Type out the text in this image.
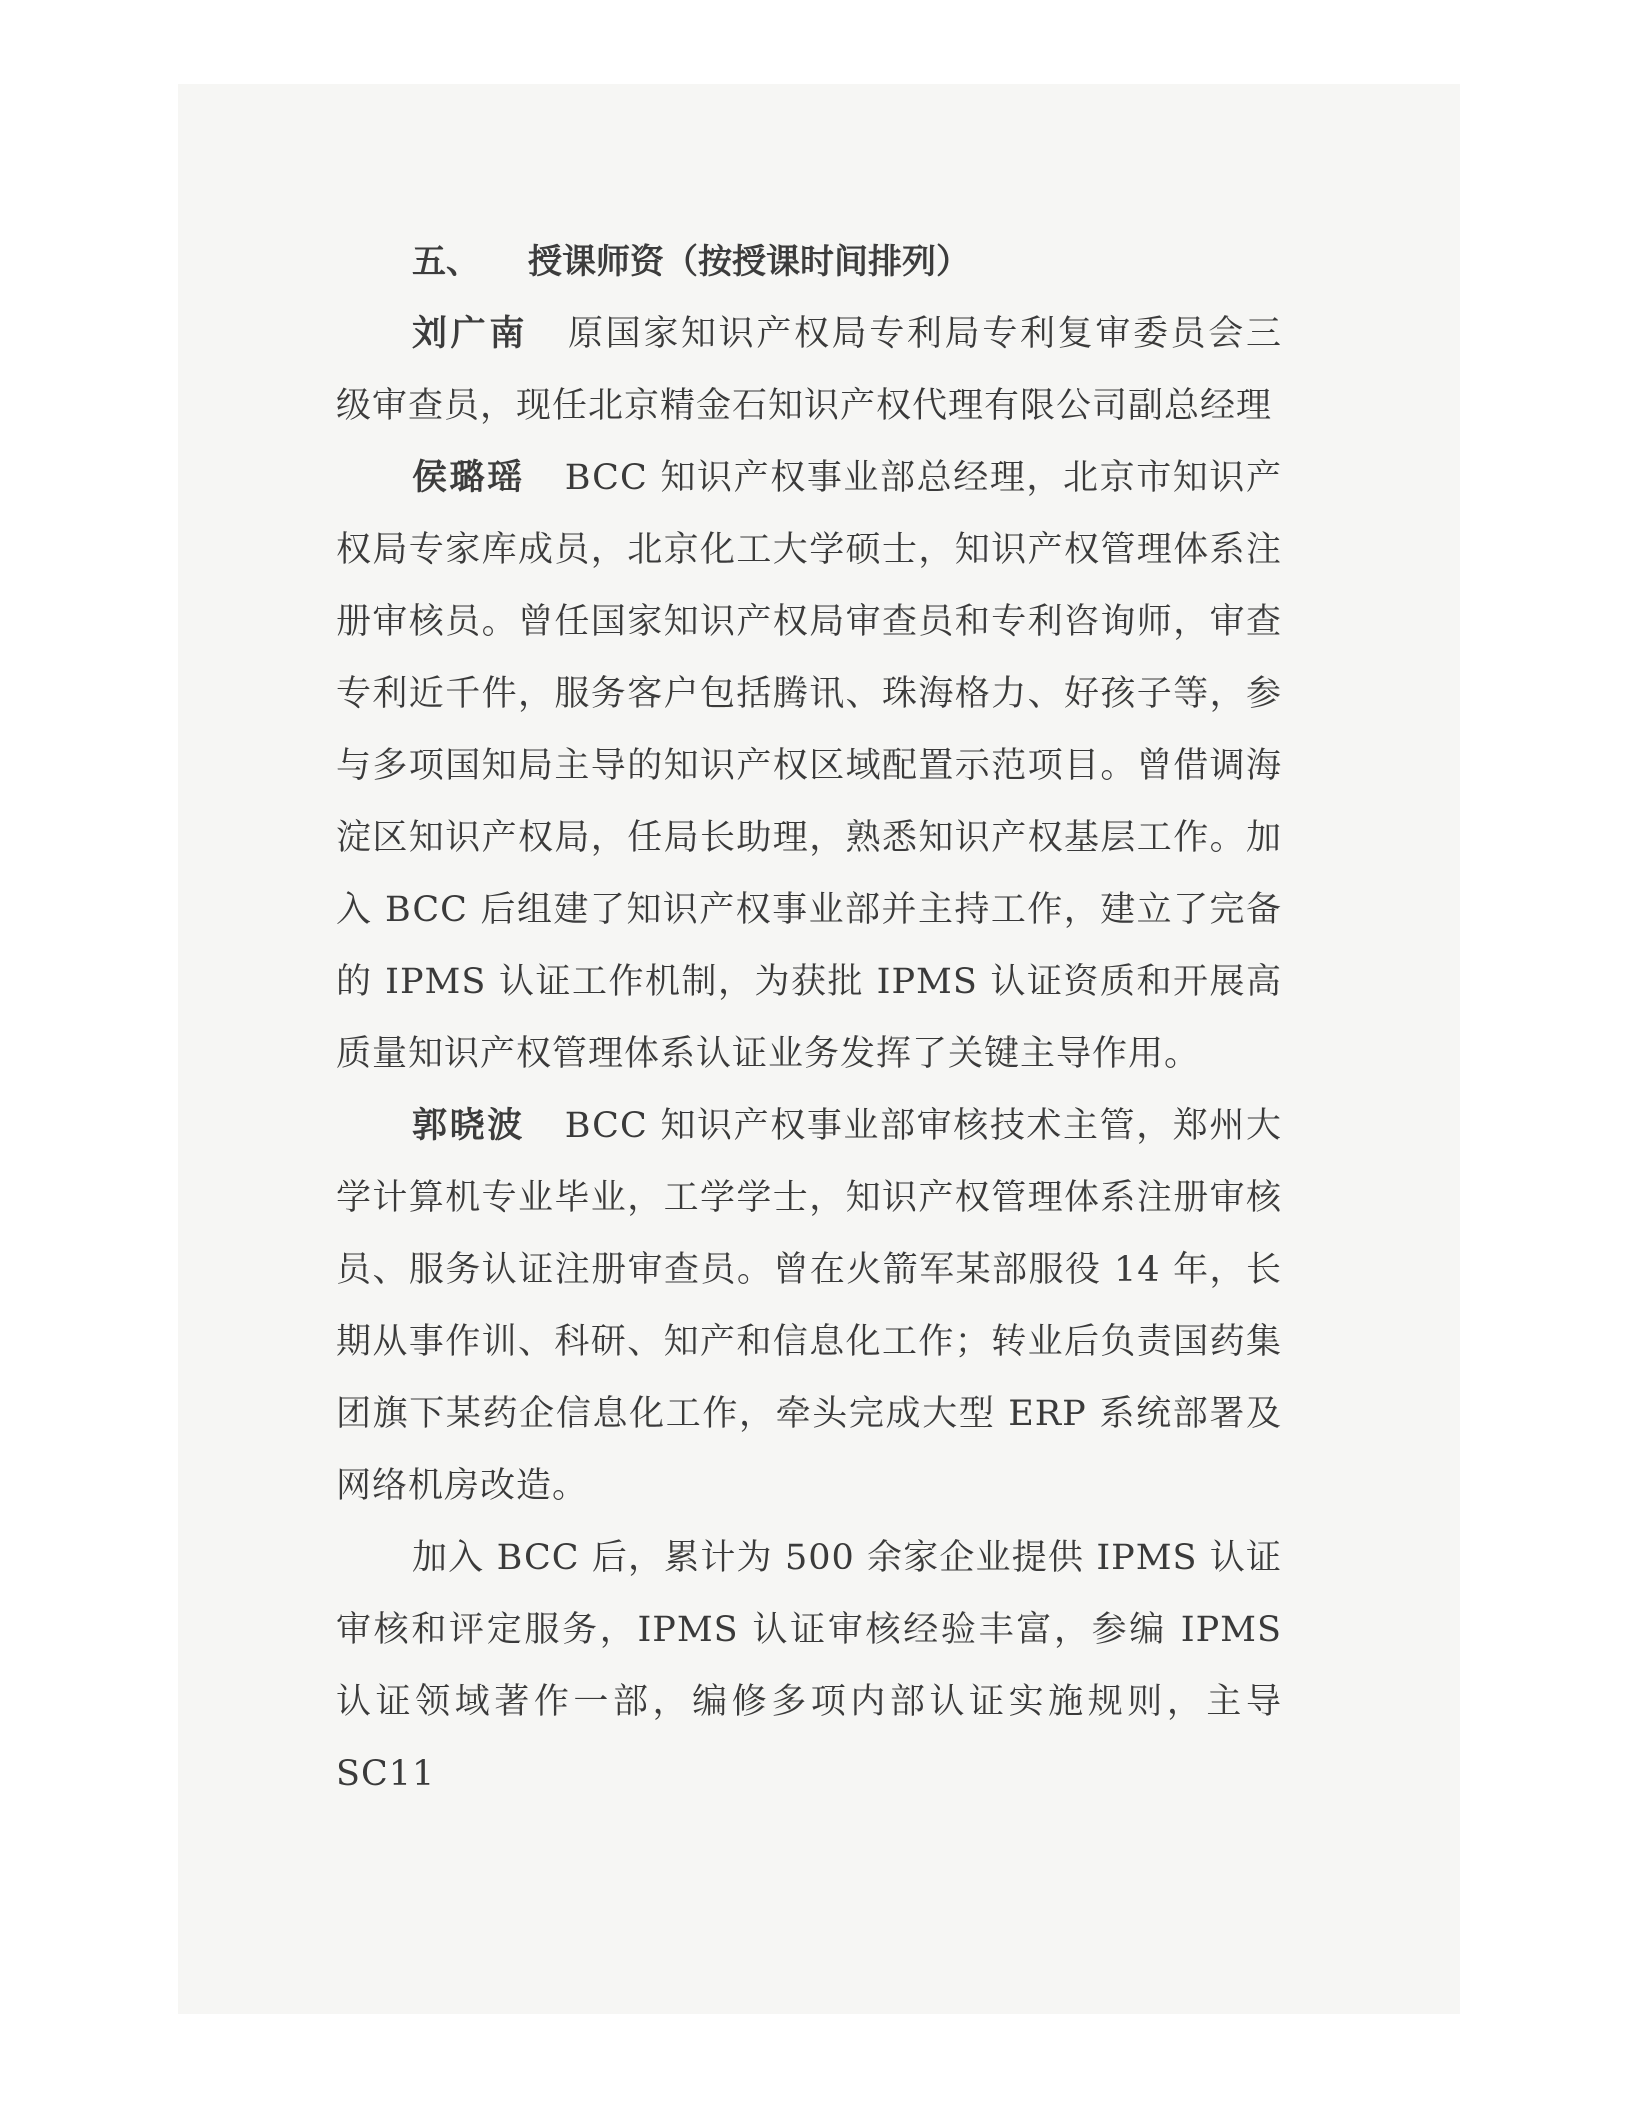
五、 授课师资（按授课时间排列）

刘广南 原国家知识产权局专利局专利复审委员会三级审查员，现任北京精金石知识产权代理有限公司副总经理

侯璐瑶 BCC 知识产权事业部总经理，北京市知识产权局专家库成员，北京化工大学硕士，知识产权管理体系注册审核员。曾任国家知识产权局审查员和专利咨询师，审查专利近千件，服务客户包括腾讯、珠海格力、好孩子等，参与多项国知局主导的知识产权区域配置示范项目。曾借调海淀区知识产权局，任局长助理，熟悉知识产权基层工作。加入 BCC 后组建了知识产权事业部并主持工作，建立了完备的 IPMS 认证工作机制，为获批 IPMS 认证资质和开展高质量知识产权管理体系认证业务发挥了关键主导作用。

郭晓波 BCC 知识产权事业部审核技术主管，郑州大学计算机专业毕业，工学学士，知识产权管理体系注册审核员、服务认证注册审查员。曾在火箭军某部服役 14 年，长期从事作训、科研、知产和信息化工作；转业后负责国药集团旗下某药企信息化工作，牵头完成大型 ERP 系统部署及网络机房改造。

加入 BCC 后，累计为 500 余家企业提供 IPMS 认证审核和评定服务，IPMS 认证审核经验丰富，参编 IPMS 认证领域著作一部，编修多项内部认证实施规则，主导 SC11
